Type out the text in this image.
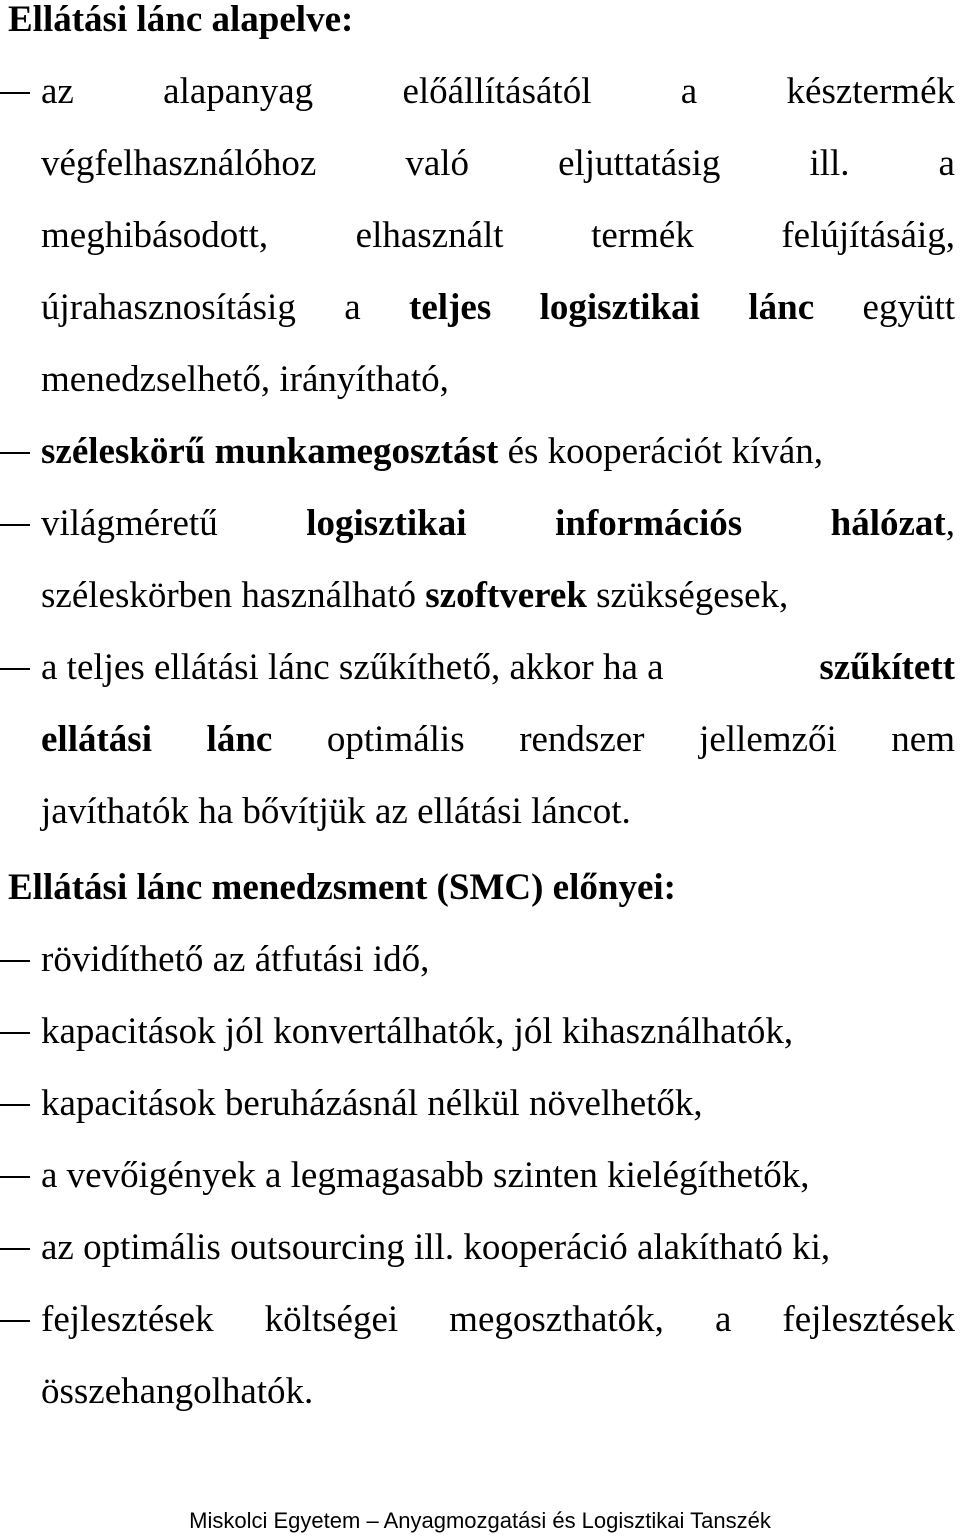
Ellátási lánc alapelve:
az alapanyag előállításától a késztermék
végfelhasználóhoz való eljuttatásig ill. a
meghibásodott, elhasznált termék felújításáig,
újrahasznosításig a teljes logisztikai lánc együtt
menedzselhető, irányítható,
széleskörű munkamegosztást és kooperációt kíván,
világméretű logisztikai információs hálózat,
széleskörben használható szoftverek szükségesek,
a teljes ellátási lánc szűkíthető, akkor ha a	szűkített
ellátási lánc optimális rendszer jellemzői nem
javíthatók ha bővítjük az ellátási láncot.
Ellátási lánc menedzsment (SMC) előnyei:
rövidíthető az átfutási idő,
kapacitások jól konvertálhatók, jól kihasználhatók,
kapacitások beruházásnál nélkül növelhetők,
a vevőigények a legmagasabb szinten kielégíthetők,
az optimális outsourcing ill. kooperáció alakítható ki,
fejlesztések költségei megoszthatók, a fejlesztések
összehangolhatók.
Miskolci Egyetem – Anyagmozgatási és Logisztikai Tanszék
